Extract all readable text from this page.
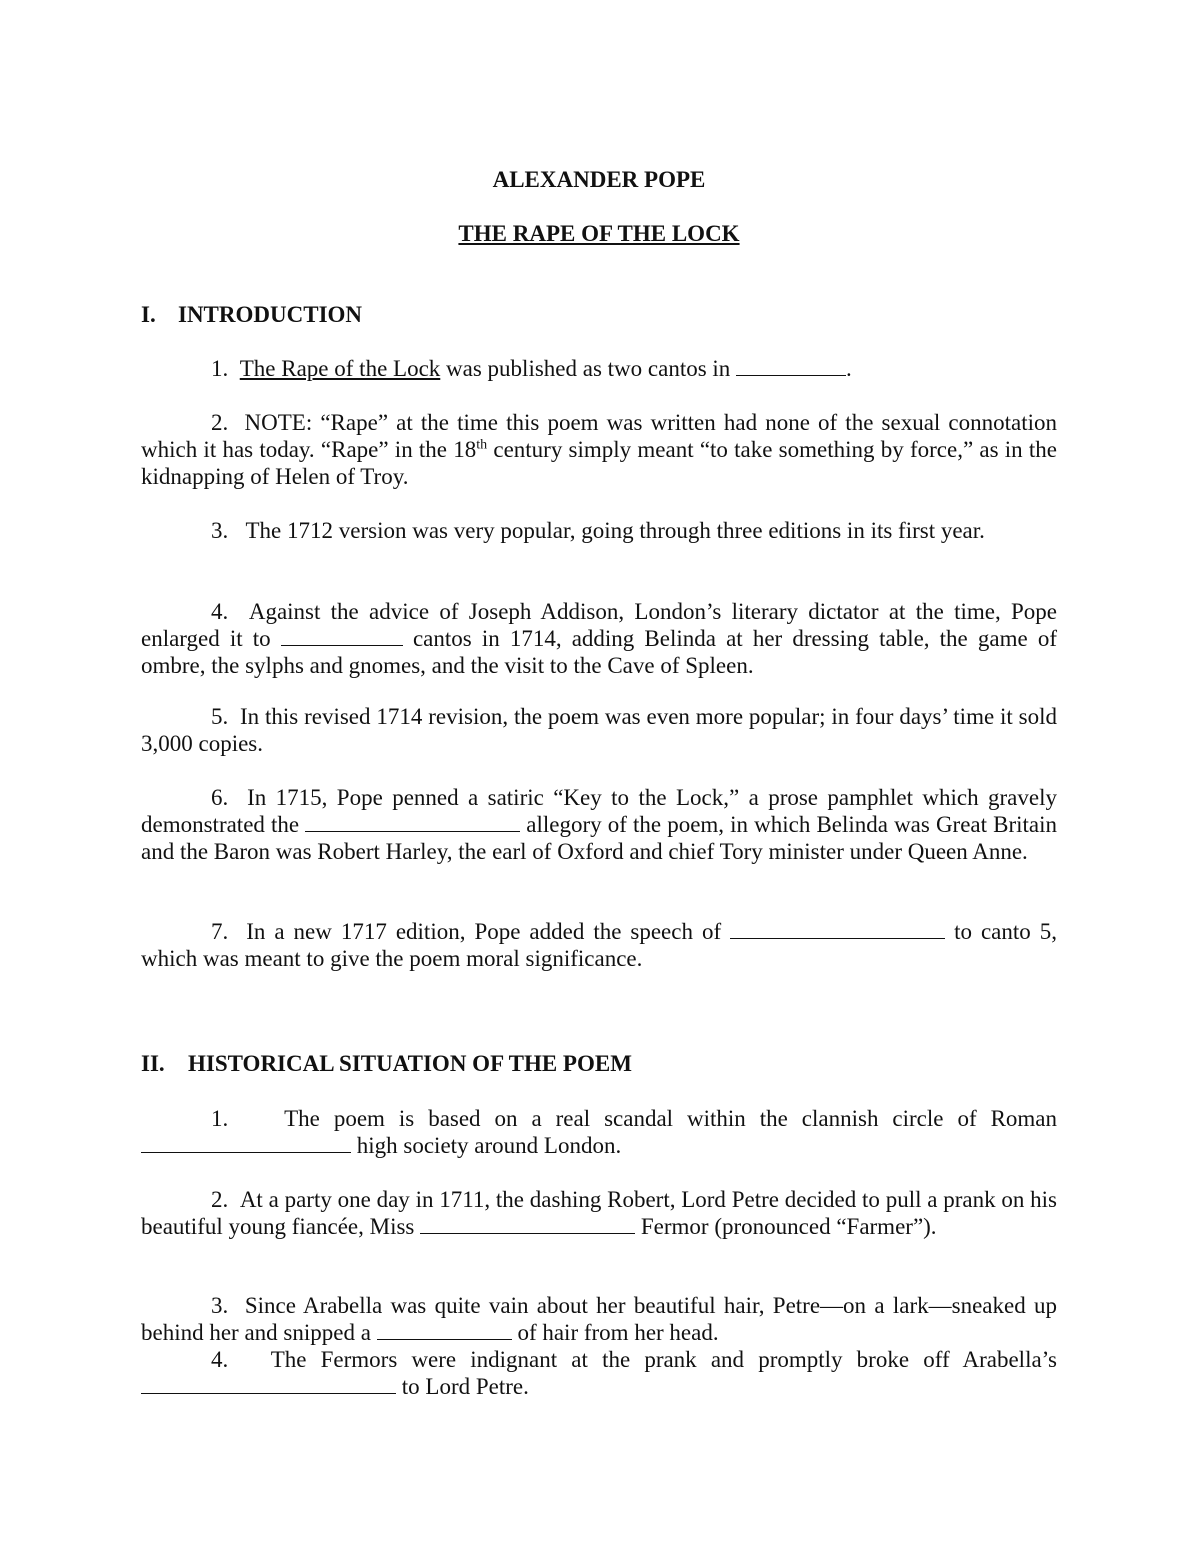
ALEXANDER POPE
THE RAPE OF THE LOCK
I. INTRODUCTION
1. The Rape of the Lock was published as two cantos in	.
2. NOTE: “Rape” at the time this poem was written had none of the sexual connotation which it has today. “Rape” in the 18th century simply meant “to take something by force,” as in the kidnapping of Helen of Troy.
3. The 1712 version was very popular, going through three editions in its first year.
4. Against the advice of Joseph Addison, London’s literary dictator at the time, Pope enlarged it to	cantos in 1714, adding Belinda at her dressing table, the game of ombre, the sylphs and gnomes, and the visit to the Cave of Spleen.
5. In this revised 1714 revision, the poem was even more popular; in four days’ time it sold 3,000 copies.
6. In 1715, Pope penned a satiric “Key to the Lock,” a prose pamphlet which gravely demonstrated the	allegory of the poem, in which Belinda was Great Britain and the Baron was Robert Harley, the earl of Oxford and chief Tory minister under Queen Anne.
7. In a new 1717 edition, Pope added the speech of	to canto 5, which was meant to give the poem moral significance.
II. HISTORICAL SITUATION OF THE POEM
1. The poem is based on a real scandal within the clannish circle of Roman  high society around London.
2. At a party one day in 1711, the dashing Robert, Lord Petre decided to pull a prank on his beautiful young fiancée, Miss	Fermor (pronounced “Farmer”).
3. Since Arabella was quite vain about her beautiful hair, Petre—on a lark—sneaked up behind her and snipped a	of hair from her head.
4. The Fermors were indignant at the prank and promptly broke off Arabella’s  to Lord Petre.
